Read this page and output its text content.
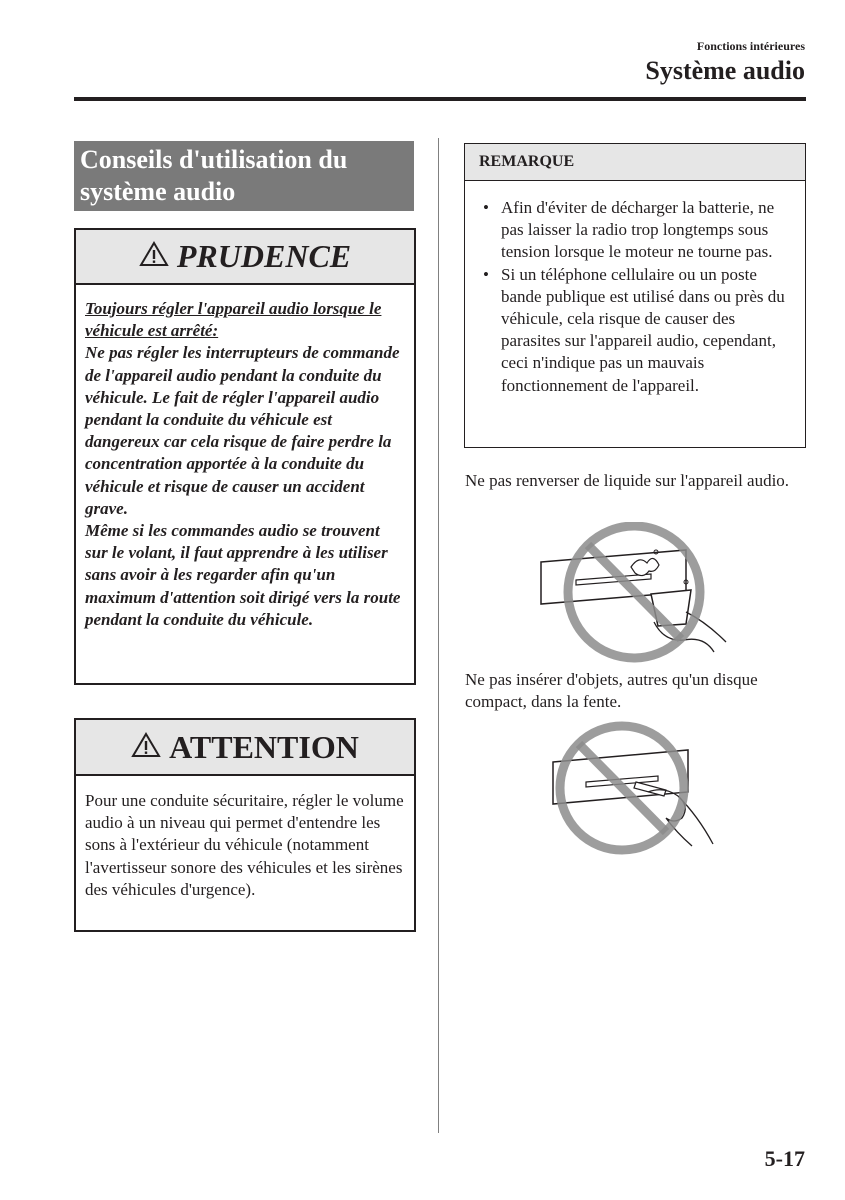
Fonctions intérieures
Système audio
Conseils d'utilisation du système audio
PRUDENCE
Toujours régler l'appareil audio lorsque le véhicule est arrêté:
Ne pas régler les interrupteurs de commande de l'appareil audio pendant la conduite du véhicule. Le fait de régler l'appareil audio pendant la conduite du véhicule est dangereux car cela risque de faire perdre la concentration apportée à la conduite du véhicule et risque de causer un accident grave.
Même si les commandes audio se trouvent sur le volant, il faut apprendre à les utiliser sans avoir à les regarder afin qu'un maximum d'attention soit dirigé vers la route pendant la conduite du véhicule.
ATTENTION
Pour une conduite sécuritaire, régler le volume audio à un niveau qui permet d'entendre les sons à l'extérieur du véhicule (notamment l'avertisseur sonore des véhicules et les sirènes des véhicules d'urgence).
REMARQUE
• Afin d'éviter de décharger la batterie, ne pas laisser la radio trop longtemps sous tension lorsque le moteur ne tourne pas.
• Si un téléphone cellulaire ou un poste bande publique est utilisé dans ou près du véhicule, cela risque de causer des parasites sur l'appareil audio, cependant, ceci n'indique pas un mauvais fonctionnement de l'appareil.
Ne pas renverser de liquide sur l'appareil audio.
Ne pas insérer d'objets, autres qu'un disque compact, dans la fente.
5-17
